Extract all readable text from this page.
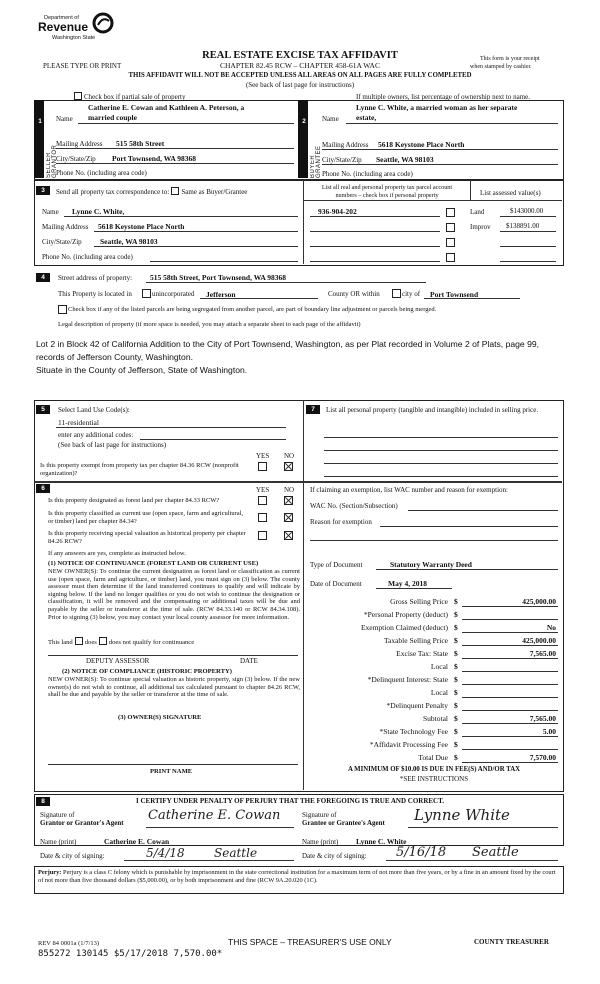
Department of
Revenue
Washington State
PLEASE TYPE OR PRINT
REAL ESTATE EXCISE TAX AFFIDAVIT
CHAPTER 82.45 RCW – CHAPTER 458-61A WAC
This form is your receipt
when stamped by cashier.
THIS AFFIDAVIT WILL NOT BE ACCEPTED UNLESS ALL AREAS ON ALL PAGES ARE FULLY COMPLETED
(See back of last page for instructions)
Check box if partial sale of property	If multiple owners, list percentage of ownership next to name.
1	2
SELLER GRANTOR	BUYER GRANTEE
Catherine E. Cowan and Kathleen A. Peterson, a
Name married couple
Mailing Address 515 58th Street
City/State/Zip Port Townsend, WA 98368
Phone No. (including area code)
Lynne C. White, a married woman as her separate
Name estate,
Mailing Address 5618 Keystone Place North
City/State/Zip Seattle, WA 98103
Phone No. (including area code)
3	Send all property tax correspondence to: Same as Buyer/Grantee
Name Lynne C. White,
Mailing Address 5618 Keystone Place North
City/State/Zip Seattle, WA 98103
Phone No. (including area code)
List all real and personal property tax parcel account
numbers – check box if personal property	List assessed value(s)
936-904-202	Land	$143000.00
Improv $138891.00
4	Street address of property: 515 58th Street, Port Townsend, WA 98368
This Property is located in	unincorporated Jefferson	County OR within	city of Port Townsend
Check box if any of the listed parcels are being segregated from another parcel, are part of boundary line adjustment or parcels being merged.
Legal description of property (if more space is needed, you may attach a separate sheet to each page of the affidavit)
Lot 2 in Block 42 of California Addition to the City of Port Townsend, Washington, as per Plat recorded in Volume 2 of Plats, page 99,
records of Jefferson County, Washington.
Situate in the County of Jefferson, State of Washington.
5	Select Land Use Code(s):
11-residential
enter any additional codes:
(See back of last page for instructions)
YES NO
Is this property exempt from property tax per chapter 84.36 RCW (nonprofit organization)?
7	List all personal property (tangible and intangible) included in selling price.
6	YES NO
Is this property designated as forest land per chapter 84.33 RCW?
Is this property classified as current use (open space, farm and agricultural, or timber) land per chapter 84.34?
Is this property receiving special valuation as historical property per chapter 84.26 RCW?
If any answers are yes, complete as instructed below.
(1) NOTICE OF CONTINUANCE (FOREST LAND OR CURRENT USE)
NEW OWNER(S): To continue the current designation as forest land or classification as current use (open space, farm and agriculture, or timber) land, you must sign on (3) below. The county assessor must then determine if the land transferred continues to qualify and will indicate by signing below. If the land no longer qualifies or you do not wish to continue the designation or classification, it will be removed and the compensating or additional taxes will be due and payable by the seller or transferor at the time of sale. (RCW 84.33.140 or RCW 84.34.108). Prior to signing (3) below, you may contact your local county assessor for more information.
This land does does not qualify for continuance
DEPUTY ASSESSOR	DATE
(2) NOTICE OF COMPLIANCE (HISTORIC PROPERTY)
NEW OWNER(S): To continue special valuation as historic property, sign (3) below. If the new owner(s) do not wish to continue, all additional tax calculated pursuant to chapter 84.26 RCW, shall be due and payable by the seller or transferor at the time of sale.
(3) OWNER(S) SIGNATURE
PRINT NAME
If claiming an exemption, list WAC number and reason for exemption:
WAC No. (Section/Subsection)
Reason for exemption
Type of Document	Statutory Warranty Deed
Date of Document	May 4, 2018
Gross Selling Price $	425,000.00
*Personal Property (deduct) $
Exemption Claimed (deduct) $	No
Taxable Selling Price $	425,000.00
Excise Tax: State $	7,565.00
Local $
*Delinquent Interest: State $
Local $
*Delinquent Penalty $
Subtotal $	7,565.00
*State Technology Fee $	5.00
*Affidavit Processing Fee $
Total Due $	7,570.00
A MINIMUM OF $10.00 IS DUE IN FEE(S) AND/OR TAX
*SEE INSTRUCTIONS
8	I CERTIFY UNDER PENALTY OF PERJURY THAT THE FOREGOING IS TRUE AND CORRECT.
Signature of
Grantor or Grantor's Agent Catherine E. Cowan
Name (print)	Catherine E. Cowan
Date & city of signing:	5/4/18 Seattle
Signature of
Grantee or Grantee's Agent Lynne White
Name (print) Lynne C. White
Date & city of signing: 5/16/18 Seattle
Perjury: Perjury is a class C felony which is punishable by imprisonment in the state correctional institution for a maximum term of not more than five years, or by a fine in an amount fixed by the court of not more than five thousand dollars ($5,000.00), or by both imprisonment and fine (RCW 9A.20.020 (1C).
REV 84 0001a (1/7/13)	THIS SPACE – TREASURER'S USE ONLY	COUNTY TREASURER
855272 130145 $5/17/2018 7,570.00*
